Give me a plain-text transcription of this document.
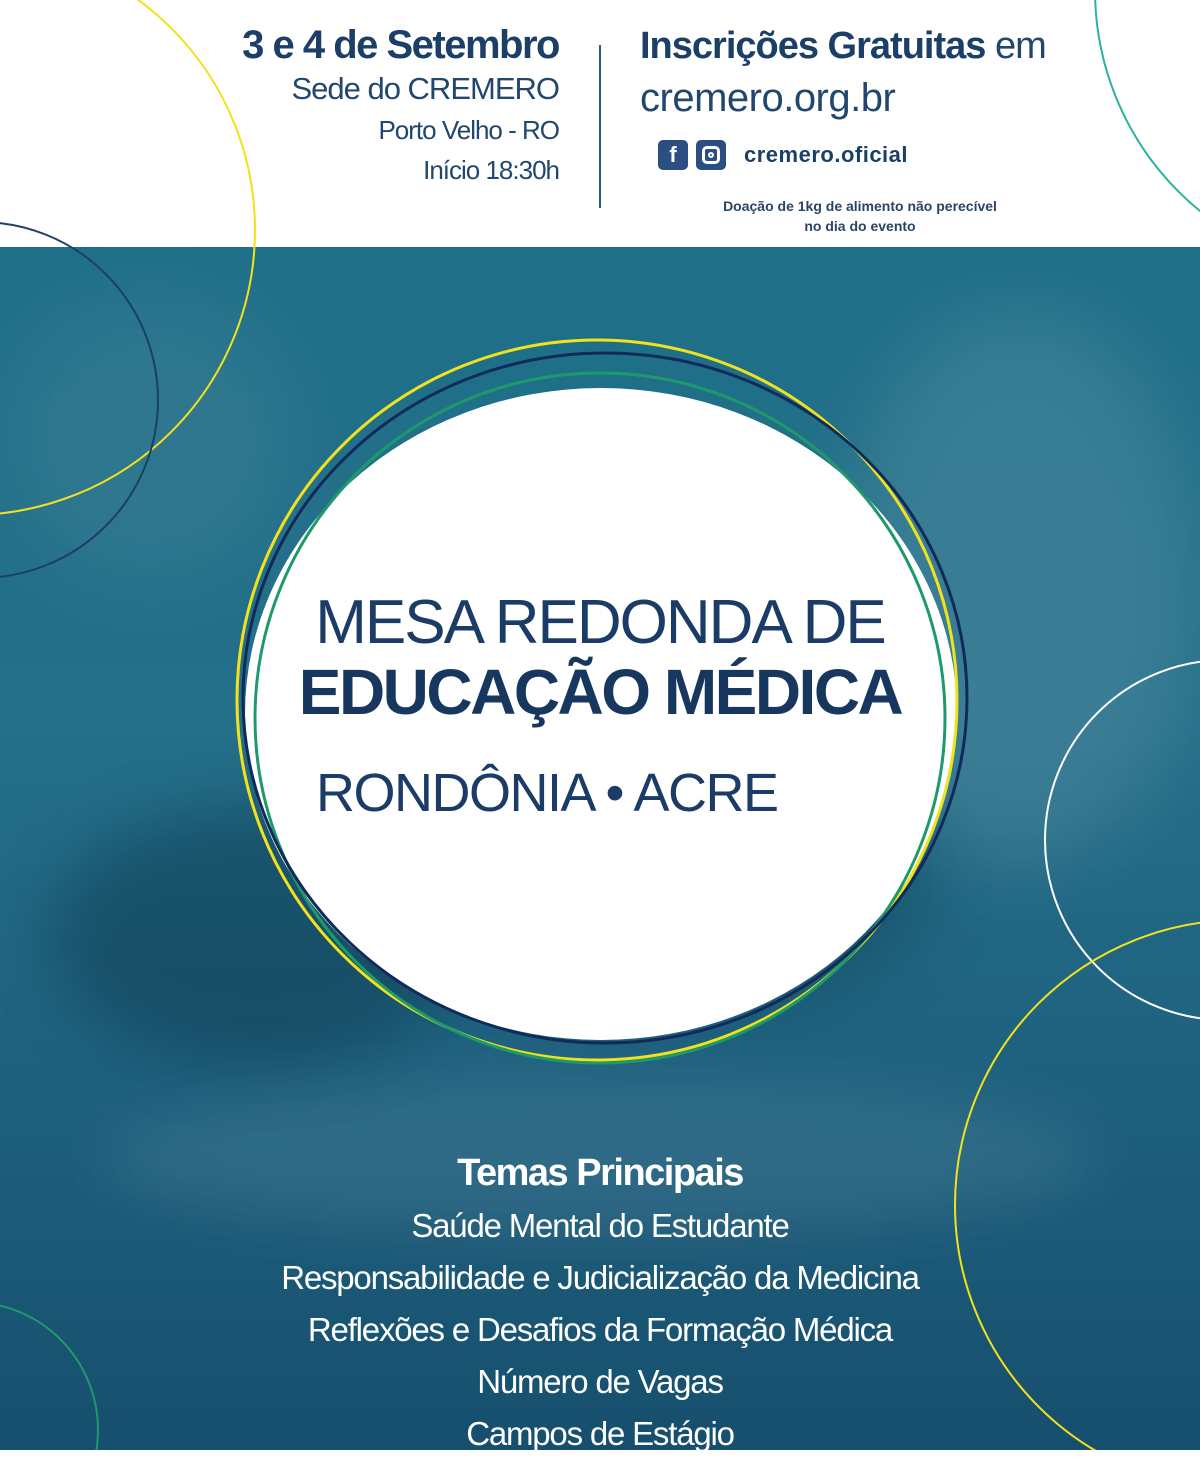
3 e 4 de Setembro
Sede do CREMERO
Porto Velho - RO
Início 18:30h
Inscrições Gratuitas em
cremero.org.br
f	cremero.oficial
Doação de 1kg de alimento não perecível
no dia do evento
MESA REDONDA DE
EDUCAÇÃO MÉDICA
RONDÔNIA • ACRE
Temas Principais
Saúde Mental do Estudante
Responsabilidade e Judicialização da Medicina
Reflexões e Desafios da Formação Médica
Número de Vagas
Campos de Estágio
